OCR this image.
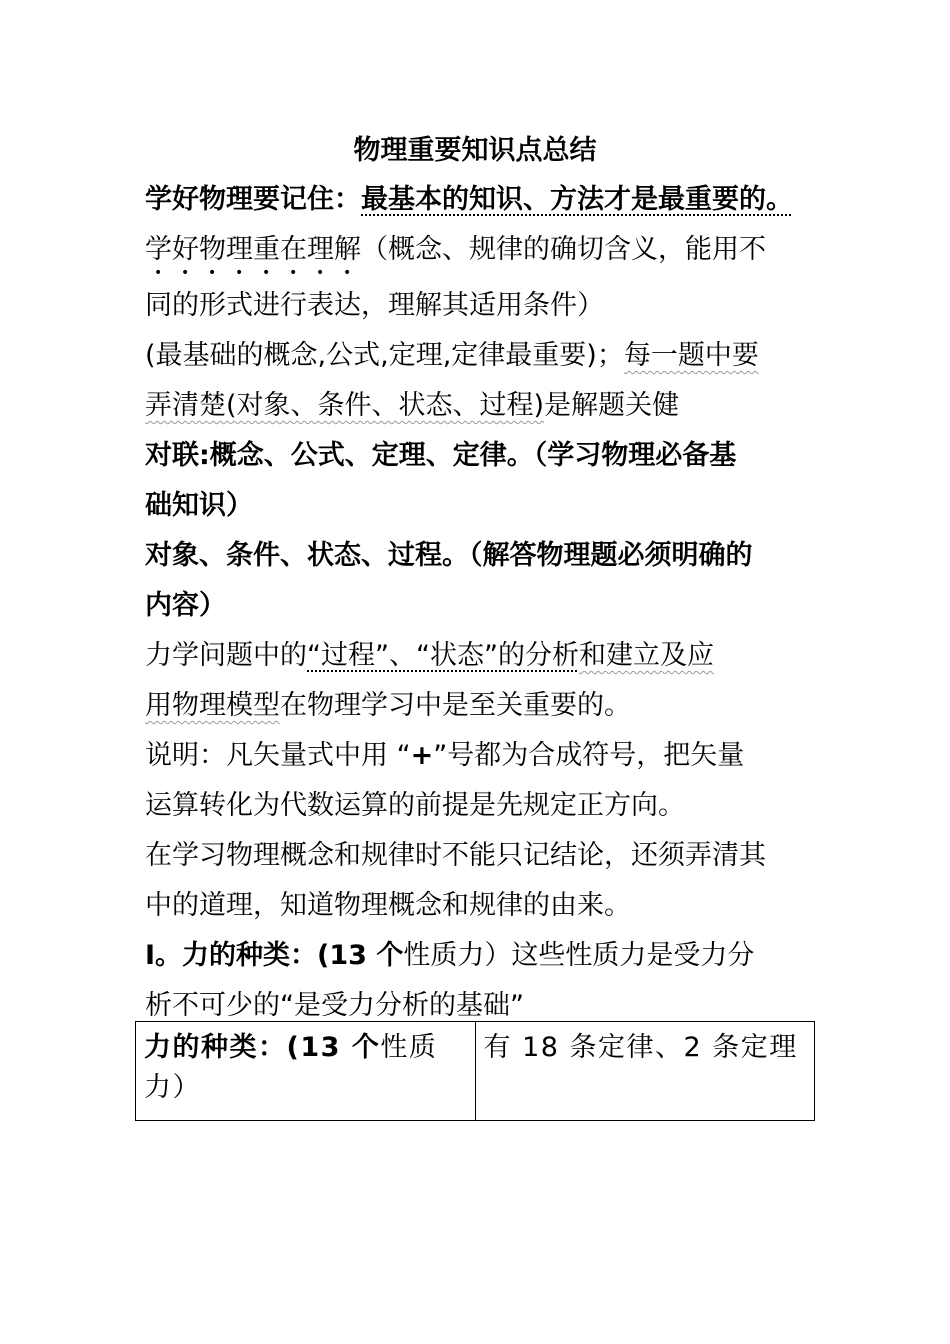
物理重要知识点总结

学好物理要记住：最基本的知识、方法才是最重要的。

学好物理重在理解（概念、规律的确切含义，能用不

同的形式进行表达，理解其适用条件）

(最基础的概念,公式,定理,定律最重要)；每一题中要

弄清楚(对象、条件、状态、过程)是解题关健

对联:概念、公式、定理、定律。（学习物理必备基

础知识）

对象、条件、状态、过程。（解答物理题必须明确的

内容）

力学问题中的“过程”、“状态”的分析和建立及应

用物理模型在物理学习中是至关重要的。

说明：凡矢量式中用 “+”号都为合成符号，把矢量

运算转化为代数运算的前提是先规定正方向。

在学习物理概念和规律时不能只记结论，还须弄清其

中的道理，知道物理概念和规律的由来。

Ⅰ。力的种类：(13 个性质力）这些性质力是受力分

析不可少的“是受力分析的基础”

力的种类：(13 个性质力）	有 18 条定律、2 条定理
